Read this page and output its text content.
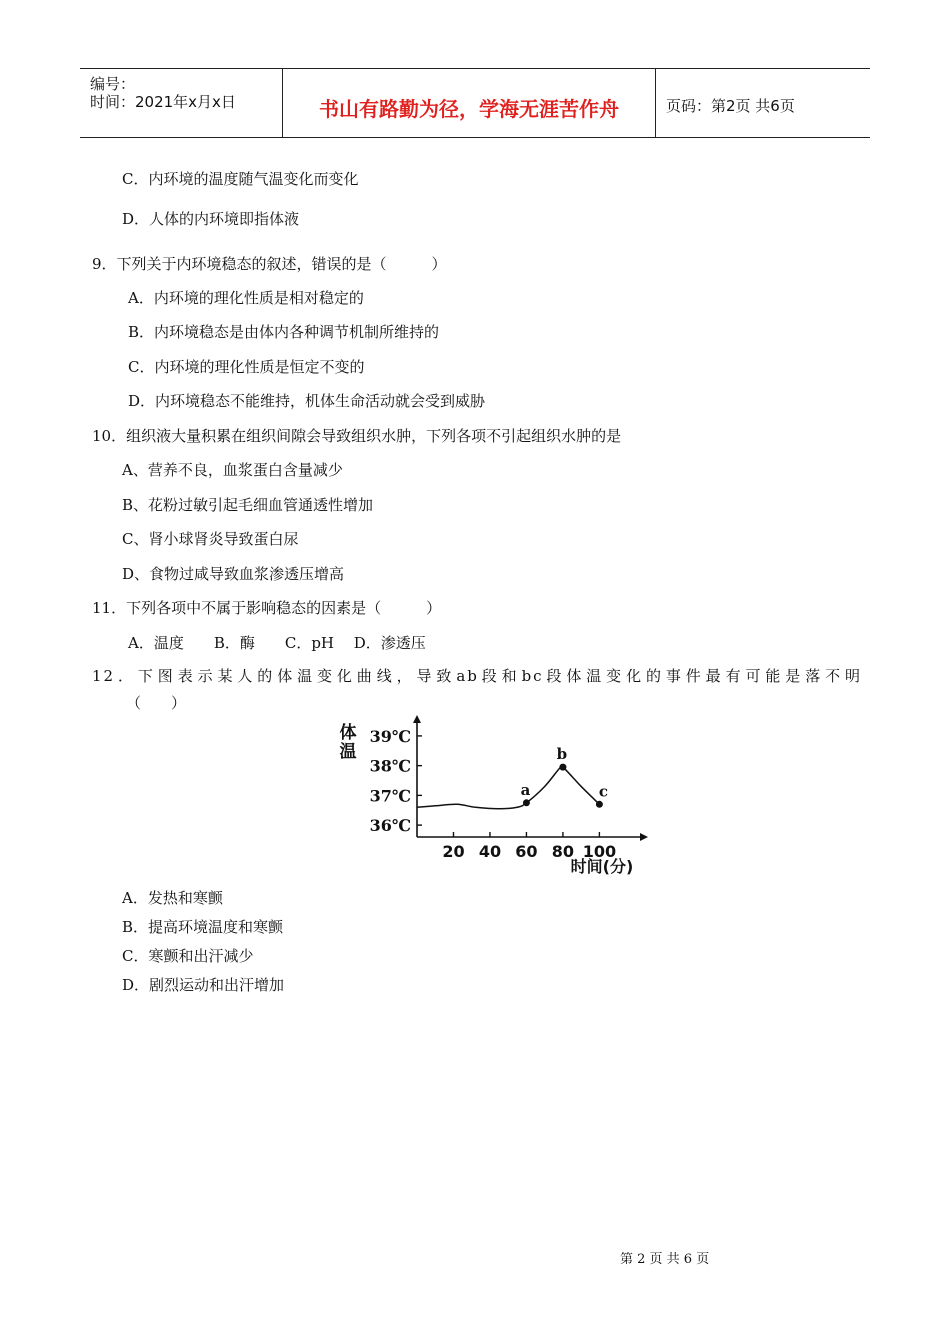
编号：
时间：2021年x月x日	书山有路勤为径，学海无涯苦作舟	页码：第2页 共6页
C．内环境的温度随气温变化而变化
D．人体的内环境即指体液
9．下列关于内环境稳态的叙述，错误的是（　　　）
A．内环境的理化性质是相对稳定的
B．内环境稳态是由体内各种调节机制所维持的
C．内环境的理化性质是恒定不变的
D．内环境稳态不能维持，机体生命活动就会受到威胁
10．组织液大量积累在组织间隙会导致组织水肿，下列各项不引起组织水肿的是
A、营养不良，血浆蛋白含量减少
B、花粉过敏引起毛细血管通透性增加
C、肾小球肾炎导致蛋白尿
D、食物过咸导致血浆渗透压增高
11．下列各项中不属于影响稳态的因素是（　　　）
A．温度　　B．酶　　C．pH　 D．渗透压
12．下图表示某人的体温变化曲线，导致ab段和bc段体温变化的事件最有可能是落不明
（　　）
36℃
37℃
38℃
39℃
20 40 60 80 100
体
温
时间(分)
a
b
c
A．发热和寒颤
B．提高环境温度和寒颤
C．寒颤和出汗减少
D．剧烈运动和出汗增加
第 2 页 共 6 页
